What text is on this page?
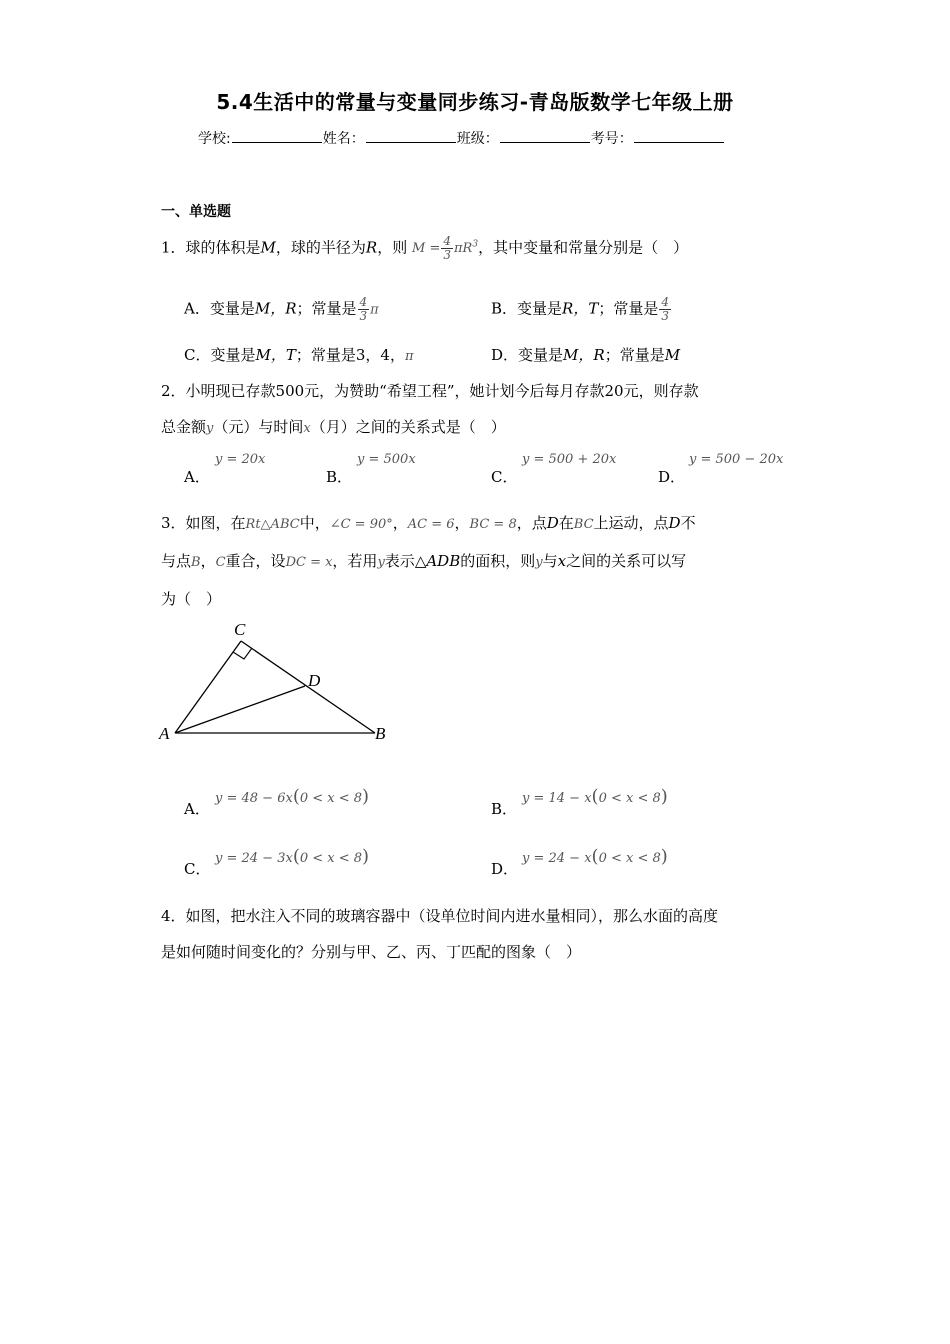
5.4生活中的常量与变量同步练习-青岛版数学七年级上册
学校:	姓名：	班级：	考号：
一、单选题
1．球的体积是M，球的半径为R，则 $M = \frac{4}{3} \pi R^3$，其中变量和常量分别是（　）
A．变量是M，R；常量是 $\frac{4}{3}$ π	B．变量是R，T；常量是 $\frac{4}{3}$
C．变量是M，T；常量是3，4，π	D．变量是M，R；常量是M
2．小明现已存款500元，为赞助“希望工程”，她计划今后每月存款20元，则存款
总金额y（元）与时间x（月）之间的关系式是（　）
A．
y = 20x
B．
y = 500x
C．
y = 500 + 20x
D．
y = 500 − 20x
3．如图，在Rt△ABC中，∠C = 90°，AC = 6，BC = 8，点D在BC上运动，点D不
与点B，C重合，设DC = x，若用y表示△ADB的面积，则y与x之间的关系可以写
为（　）
C
D
A	B
A．
y = 48 − 6x(0 < x < 8)
B．
y = 14 − x(0 < x < 8)
C．
y = 24 − 3x(0 < x < 8)
D．
y = 24 − x(0 < x < 8)
4．如图，把水注入不同的玻璃容器中（设单位时间内进水量相同），那么水面的高度
是如何随时间变化的？分别与甲、乙、丙、丁匹配的图象（　）
